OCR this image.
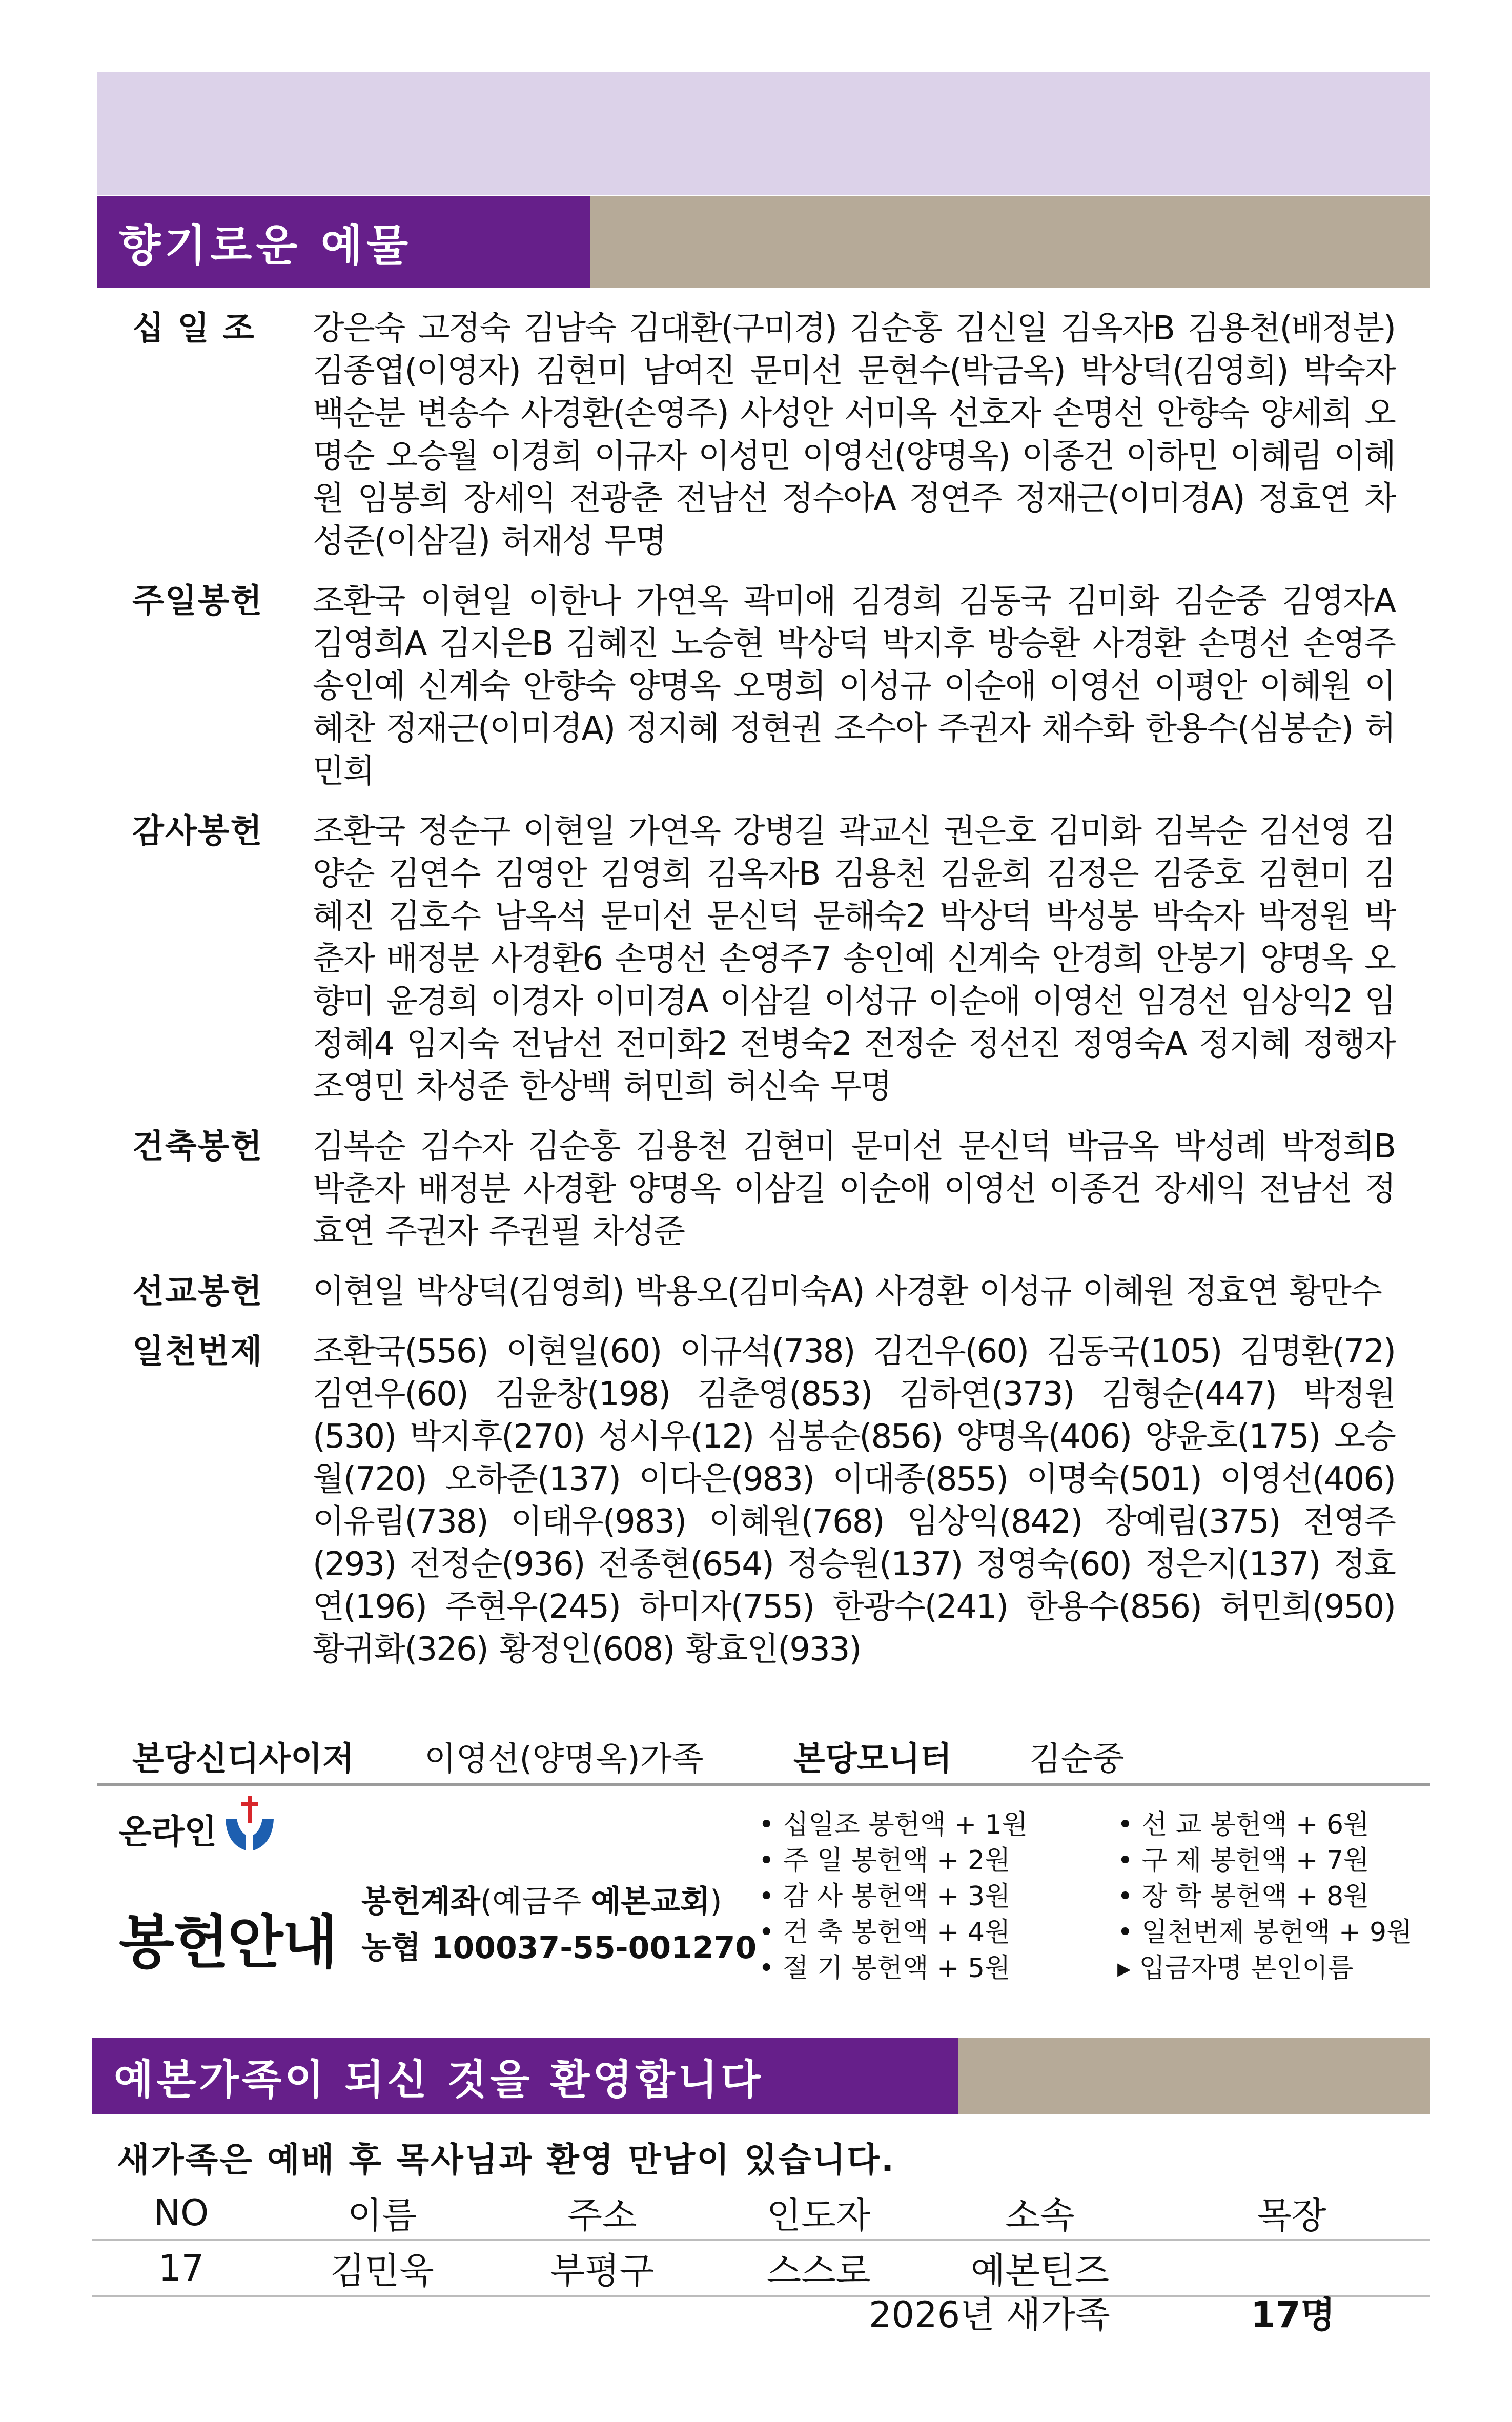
향기로운 예물
십 일 조	강은숙 고정숙 김남숙 김대환(구미경) 김순홍 김신일 김옥자B 김용천(배정분) 김종엽(이영자) 김현미 남여진 문미선 문현수(박금옥) 박상덕(김영희) 박숙자 백순분 변송수 사경환(손영주) 사성안 서미옥 선호자 손명선 안향숙 양세희 오명순 오승월 이경희 이규자 이성민 이영선(양명옥) 이종건 이하민 이혜림 이혜원 임봉희 장세익 전광춘 전남선 정수아A 정연주 정재근(이미경A) 정효연 차성준(이삼길) 허재성 무명
주일봉헌	조환국 이현일 이한나 가연옥 곽미애 김경희 김동국 김미화 김순중 김영자A 김영희A 김지은B 김혜진 노승현 박상덕 박지후 방승환 사경환 손명선 손영주 송인예 신계숙 안향숙 양명옥 오명희 이성규 이순애 이영선 이평안 이혜원 이혜찬 정재근(이미경A) 정지혜 정현권 조수아 주권자 채수화 한용수(심봉순) 허민희
감사봉헌	조환국 정순구 이현일 가연옥 강병길 곽교신 권은호 김미화 김복순 김선영 김양순 김연수 김영안 김영희 김옥자B 김용천 김윤희 김정은 김중호 김현미 김혜진 김호수 남옥석 문미선 문신덕 문해숙2 박상덕 박성봉 박숙자 박정원 박춘자 배정분 사경환6 손명선 손영주7 송인예 신계숙 안경희 안봉기 양명옥 오향미 윤경희 이경자 이미경A 이삼길 이성규 이순애 이영선 임경선 임상익2 임정혜4 임지숙 전남선 전미화2 전병숙2 전정순 정선진 정영숙A 정지혜 정행자 조영민 차성준 한상백 허민희 허신숙 무명
건축봉헌	김복순 김수자 김순홍 김용천 김현미 문미선 문신덕 박금옥 박성례 박정희B 박춘자 배정분 사경환 양명옥 이삼길 이순애 이영선 이종건 장세익 전남선 정효연 주권자 주권필 차성준
선교봉헌	이현일 박상덕(김영희) 박용오(김미숙A) 사경환 이성규 이혜원 정효연 황만수
일천번제	조환국(556) 이현일(60) 이규석(738) 김건우(60) 김동국(105) 김명환(72) 김연우(60) 김윤창(198) 김춘영(853) 김하연(373) 김형순(447) 박정원(530) 박지후(270) 성시우(12) 심봉순(856) 양명옥(406) 양윤호(175) 오승월(720) 오하준(137) 이다은(983) 이대종(855) 이명숙(501) 이영선(406) 이유림(738) 이태우(983) 이혜원(768) 임상익(842) 장예림(375) 전영주(293) 전정순(936) 전종현(654) 정승원(137) 정영숙(60) 정은지(137) 정효연(196) 주현우(245) 하미자(755) 한광수(241) 한용수(856) 허민희(950) 황귀화(326) 황정인(608) 황효인(933)
본당신디사이저	이영선(양명옥)가족	본당모니터	김순중
온라인
봉헌안내
봉헌계좌(예금주 예본교회)
농협 100037-55-001270
• 십일조 봉헌액 + 1원	• 선 교 봉헌액 + 6원
• 주 일 봉헌액 + 2원	• 구 제 봉헌액 + 7원
• 감 사 봉헌액 + 3원	• 장 학 봉헌액 + 8원
• 건 축 봉헌액 + 4원	• 일천번제 봉헌액 + 9원
• 절 기 봉헌액 + 5원	▸ 입금자명 본인이름
예본가족이 되신 것을 환영합니다
새가족은 예배 후 목사님과 환영 만남이 있습니다.
NO	이름	주소	인도자	소속	목장
17	김민욱	부평구	스스로	예본틴즈	
2026년 새가족	17명
